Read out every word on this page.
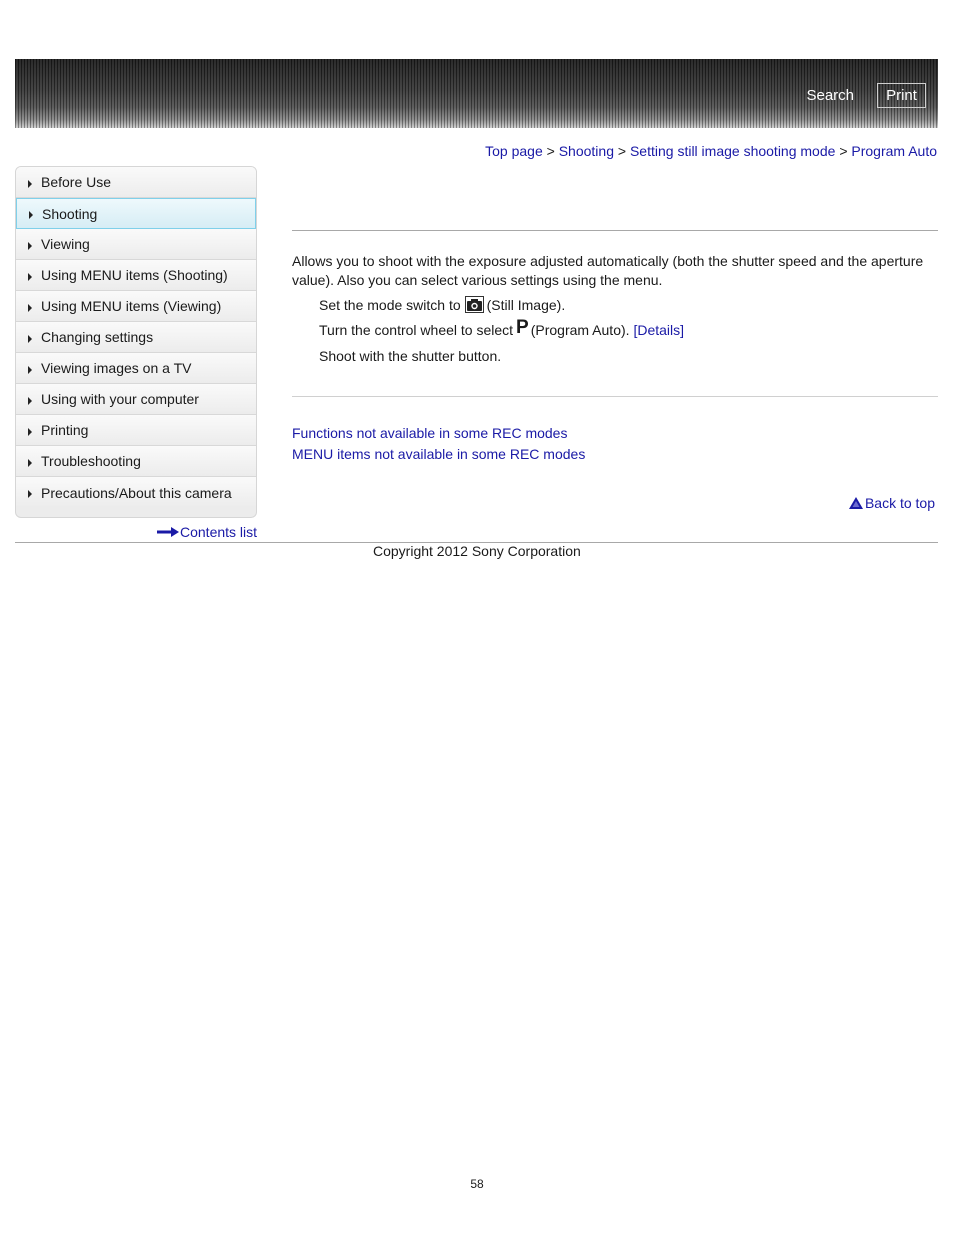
Search	Print
Top page > Shooting > Setting still image shooting mode > Program Auto
Before Use
Shooting
Viewing
Using MENU items (Shooting)
Using MENU items (Viewing)
Changing settings
Viewing images on a TV
Using with your computer
Printing
Troubleshooting
Precautions/About this camera
Contents list
Allows you to shoot with the exposure adjusted automatically (both the shutter speed and the aperture value). Also you can select various settings using the menu.
Set the mode switch to (Still Image).
Turn the control wheel to select P (Program Auto).
[Details]
Shoot with the shutter button.
Functions not available in some REC modes
MENU items not available in some REC modes
Back to top
Copyright 2012 Sony Corporation
58
